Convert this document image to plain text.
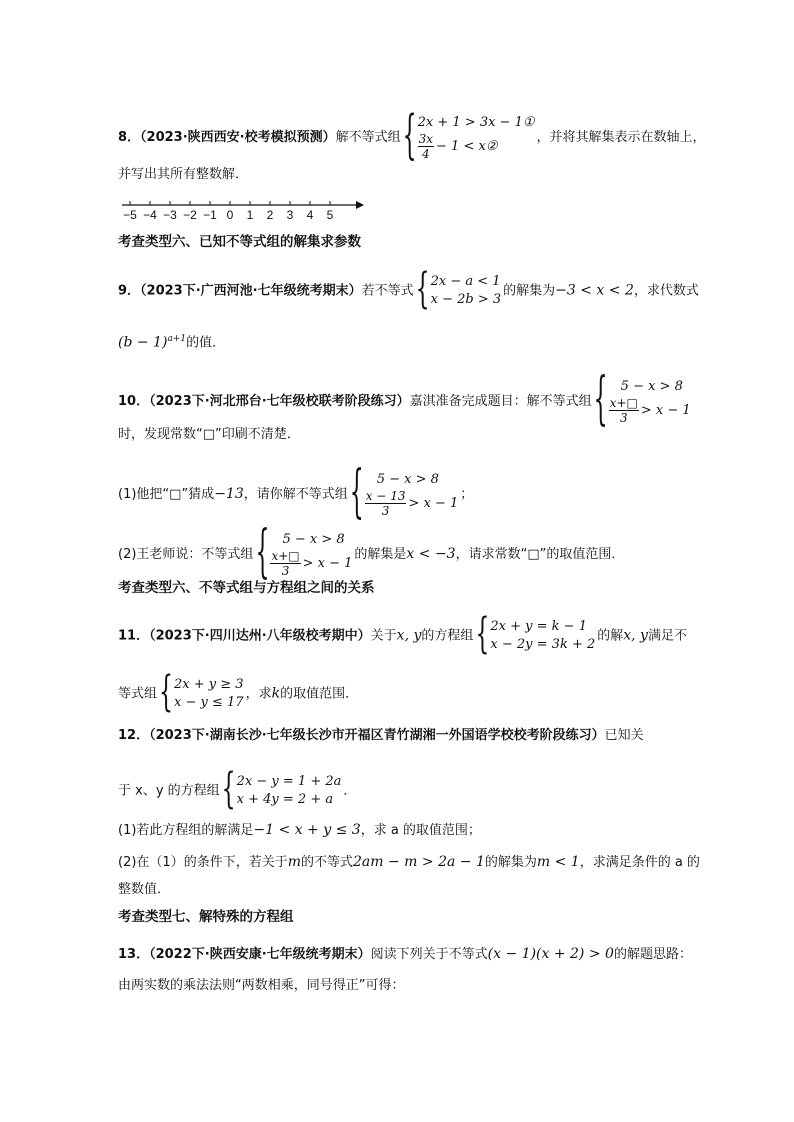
8．（2023·陕西西安·校考模拟预测）解不等式组 { 2x + 1 > 3x − 1①
$\frac{3x}{4} - 1$ < x②
，并将其解集表示在数轴上，
并写出其所有整数解．
−5 −4 −3 −2 −1 0 1 2 3 4 5
考查类型六、已知不等式组的解集求参数
9．（2023下·广西河池·七年级统考期末）若不等式 { 2x − a < 1
x − 2b > 3
的解集为−3 < x < 2，求代数式
$(b - 1)^{a+1}$的值．
10．（2023下·河北邢台·七年级校联考阶段练习）嘉淇准备完成题目：解不等式组 {	5 − x > 8
$\frac{x+□}{3} > x - 1$
时，发现常数“□”印刷不清楚．
(1)他把“□”猜成−13，请你解不等式组 {	5 − x > 8
$\frac{x - 13}{3} > x - 1$
；
(2)王老师说：不等式组 {	5 − x > 8
$\frac{x+□}{3} > x - 1$
的解集是x < −3，请求常数“□”的取值范围．
考查类型六、不等式组与方程组之间的关系
11．（2023下·四川达州·八年级校考期中）关于x, y的方程组 { 2x + y = k − 1
x − 2y = 3k + 2
的解x, y满足不
等式组 { 2x + y ≥ 3
x − y ≤ 17
，求k的取值范围．
12．（2023下·湖南长沙·七年级长沙市开福区青竹湖湘一外国语学校校考阶段练习）已知关
于 x、y 的方程组 { 2x − y = 1 + 2a
x + 4y = 2 + a
．
(1)若此方程组的解满足−1 < x + y ≤ 3，求 a 的取值范围；
(2)在（1）的条件下，若关于m的不等式2am − m > 2a − 1的解集为m < 1，求满足条件的 a 的
整数值．
考查类型七、解特殊的方程组
13．（2022下·陕西安康·七年级统考期末）阅读下列关于不等式(x − 1)(x + 2) > 0的解题思路：
由两实数的乘法法则“两数相乘，同号得正”可得：
